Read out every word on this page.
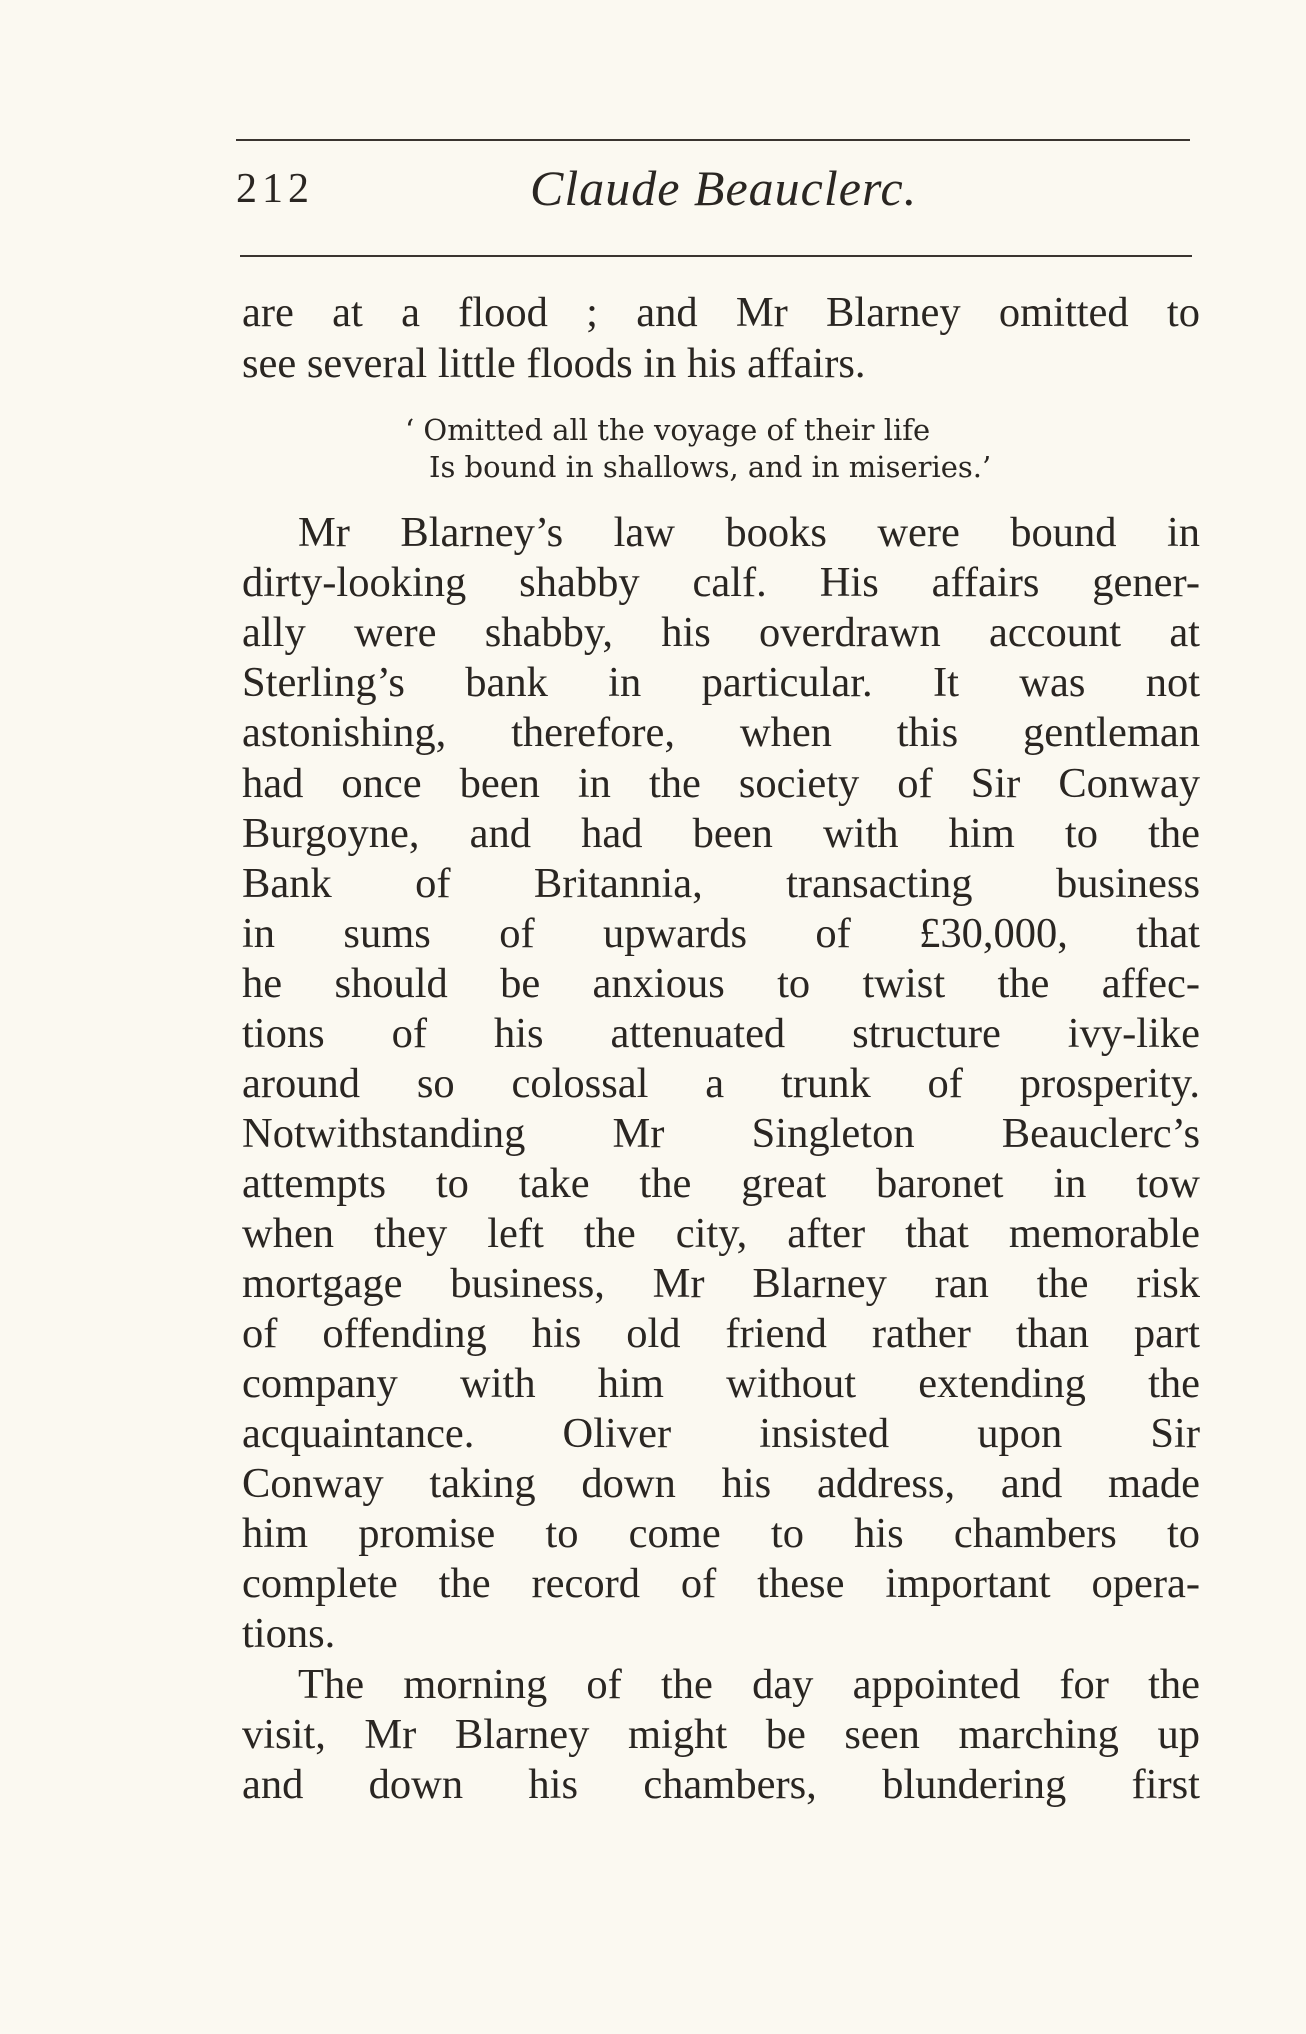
212	Claude Beauclerc.
are at a flood ; and Mr Blarney omitted to
see several little floods in his affairs.
‘ Omitted all the voyage of their life
Is bound in shallows, and in miseries.’
Mr Blarney’s law books were bound in
dirty-looking shabby calf. His affairs gener-
ally were shabby, his overdrawn account at
Sterling’s bank in particular. It was not
astonishing, therefore, when this gentleman
had once been in the society of Sir Conway
Burgoyne, and had been with him to the
Bank of Britannia, transacting business
in sums of upwards of £30,000, that
he should be anxious to twist the affec-
tions of his attenuated structure ivy-like
around so colossal a trunk of prosperity.
Notwithstanding Mr Singleton Beauclerc’s
attempts to take the great baronet in tow
when they left the city, after that memorable
mortgage business, Mr Blarney ran the risk
of offending his old friend rather than part
company with him without extending the
acquaintance. Oliver insisted upon Sir
Conway taking down his address, and made
him promise to come to his chambers to
complete the record of these important opera-
tions.
The morning of the day appointed for the
visit, Mr Blarney might be seen marching up
and down his chambers, blundering first
